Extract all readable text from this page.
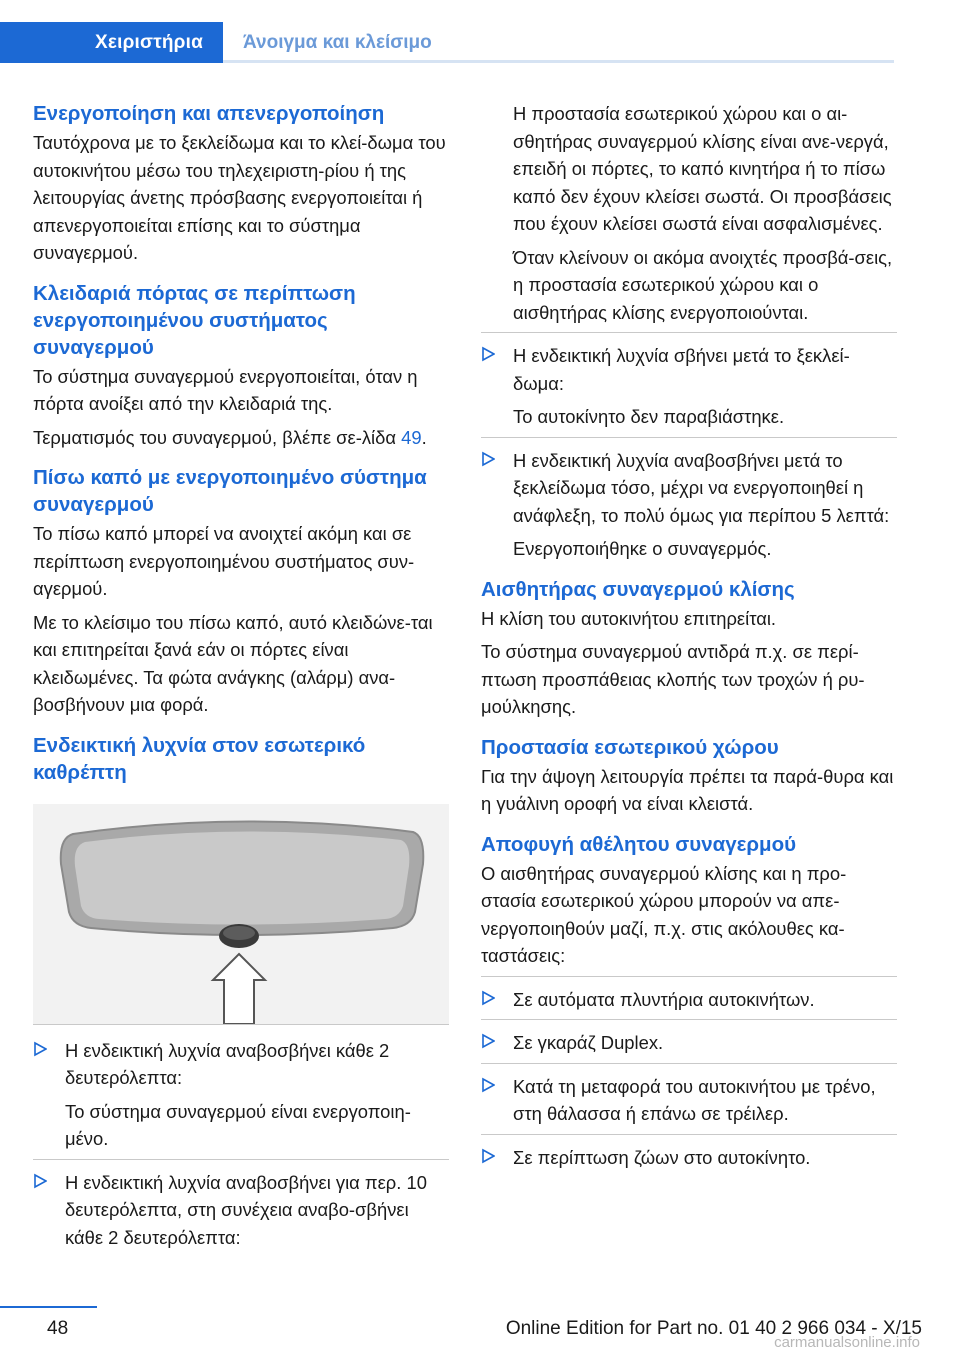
Χειριστήρια	Άνοιγμα και κλείσιμο
Ενεργοποίηση και απενεργοποίηση

Ταυτόχρονα με το ξεκλείδωμα και το κλεί-δωμα του αυτοκινήτου μέσω του τηλεχειριστη-ρίου ή της λειτουργίας άνετης πρόσβασης ενεργοποιείται ή απενεργοποιείται επίσης και το σύστημα συναγερμού.

Κλειδαριά πόρτας σε περίπτωση ενεργοποιημένου συστήματος συναγερμού

Το σύστημα συναγερμού ενεργοποιείται, όταν η πόρτα ανοίξει από την κλειδαριά της.

Τερματισμός του συναγερμού, βλέπε σε-λίδα 49.

Πίσω καπό με ενεργοποιημένο σύστημα συναγερμού

Το πίσω καπό μπορεί να ανοιχτεί ακόμη και σε περίπτωση ενεργοποιημένου συστήματος συν-αγερμού.

Με το κλείσιμο του πίσω καπό, αυτό κλειδώνε-ται και επιτηρείται ξανά εάν οι πόρτες είναι κλειδωμένες. Τα φώτα ανάγκης (αλάρμ) ανα-βοσβήνουν μια φορά.

Ενδεικτική λυχνία στον εσωτερικό καθρέπτη

Η ενδεικτική λυχνία αναβοσβήνει κάθε 2 δευτερόλεπτα:

Το σύστημα συναγερμού είναι ενεργοποιη-μένο.

Η ενδεικτική λυχνία αναβοσβήνει για περ. 10 δευτερόλεπτα, στη συνέχεια αναβο-σβήνει κάθε 2 δευτερόλεπτα:

Η προστασία εσωτερικού χώρου και ο αι-σθητήρας συναγερμού κλίσης είναι ανε-νεργά, επειδή οι πόρτες, το καπό κινητήρα ή το πίσω καπό δεν έχουν κλείσει σωστά. Οι προσβάσεις που έχουν κλείσει σωστά είναι ασφαλισμένες.

Όταν κλείνουν οι ακόμα ανοιχτές προσβά-σεις, η προστασία εσωτερικού χώρου και ο αισθητήρας κλίσης ενεργοποιούνται.

Η ενδεικτική λυχνία σβήνει μετά το ξεκλεί-δωμα:

Το αυτοκίνητο δεν παραβιάστηκε.

Η ενδεικτική λυχνία αναβοσβήνει μετά το ξεκλείδωμα τόσο, μέχρι να ενεργοποιηθεί η ανάφλεξη, το πολύ όμως για περίπου 5 λεπτά:

Ενεργοποιήθηκε ο συναγερμός.

Αισθητήρας συναγερμού κλίσης

Η κλίση του αυτοκινήτου επιτηρείται.

Το σύστημα συναγερμού αντιδρά π.χ. σε περί-πτωση προσπάθειας κλοπής των τροχών ή ρυ-μούλκησης.

Προστασία εσωτερικού χώρου

Για την άψογη λειτουργία πρέπει τα παρά-θυρα και η γυάλινη οροφή να είναι κλειστά.

Αποφυγή αθέλητου συναγερμού

Ο αισθητήρας συναγερμού κλίσης και η προ-στασία εσωτερικού χώρου μπορούν να απε-νεργοποιηθούν μαζί, π.χ. στις ακόλουθες κα-ταστάσεις:

Σε αυτόματα πλυντήρια αυτοκινήτων.

Σε γκαράζ Duplex.

Κατά τη μεταφορά του αυτοκινήτου με τρένο, στη θάλασσα ή επάνω σε τρέιλερ.

Σε περίπτωση ζώων στο αυτοκίνητο.

48	Online Edition for Part no. 01 40 2 966 034 - X/15
carmanualsonline.info
